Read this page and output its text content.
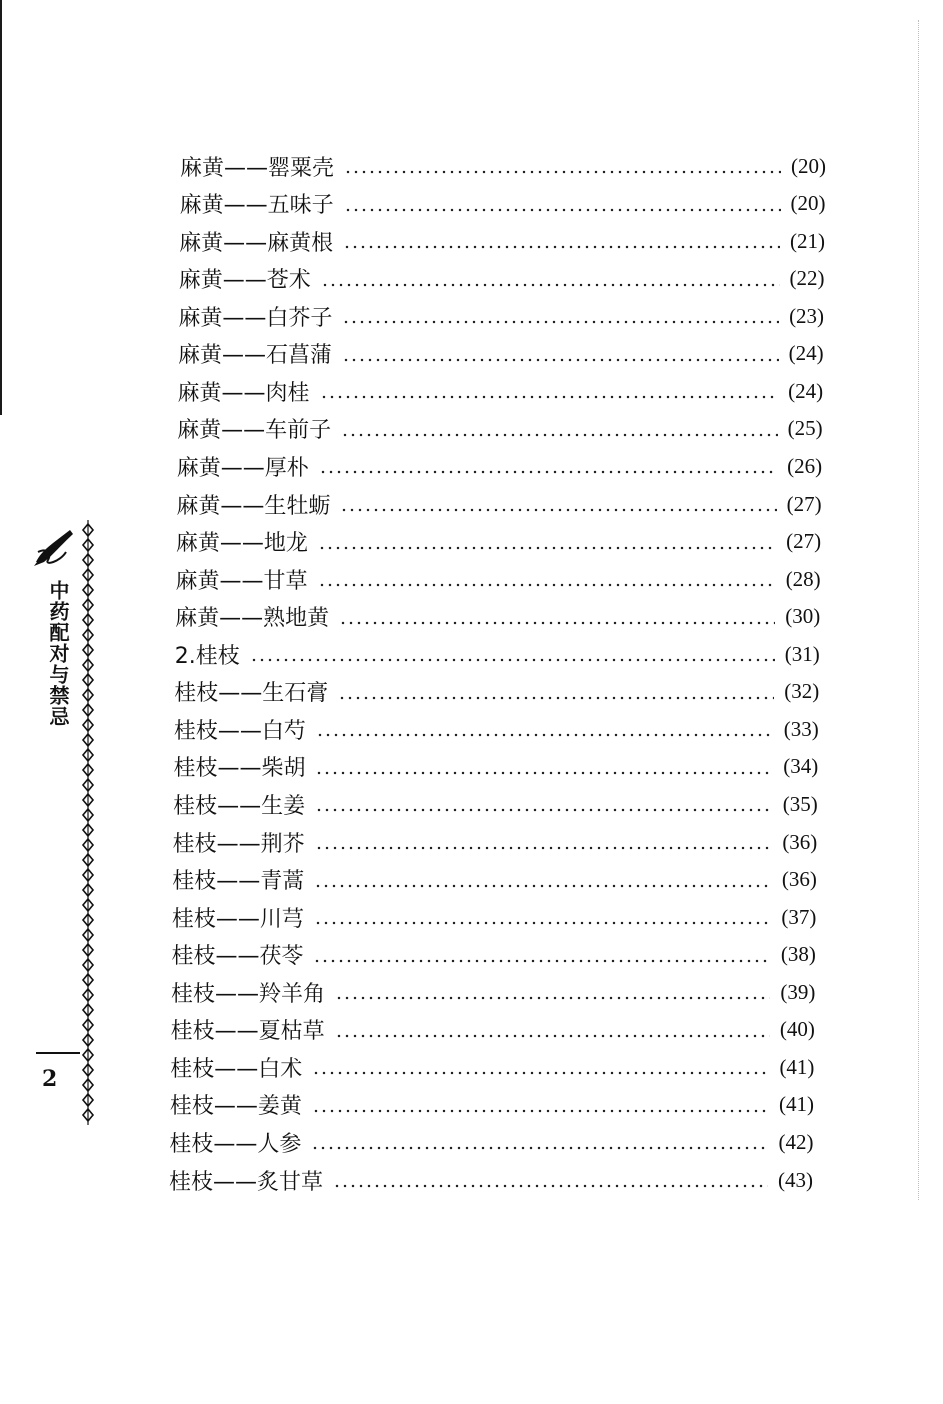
中药配对与禁忌
2
麻黄——罂粟壳	(20)
麻黄——五味子	(20)
麻黄——麻黄根	(21)
麻黄——苍术	(22)
麻黄——白芥子	(23)
麻黄——石菖蒲	(24)
麻黄——肉桂	(24)
麻黄——车前子	(25)
麻黄——厚朴	(26)
麻黄——生牡蛎	(27)
麻黄——地龙	(27)
麻黄——甘草	(28)
麻黄——熟地黄	(30)
2.桂枝	(31)
桂枝——生石膏	(32)
桂枝——白芍	(33)
桂枝——柴胡	(34)
桂枝——生姜	(35)
桂枝——荆芥	(36)
桂枝——青蒿	(36)
桂枝——川芎	(37)
桂枝——茯苓	(38)
桂枝——羚羊角	(39)
桂枝——夏枯草	(40)
桂枝——白术	(41)
桂枝——姜黄	(41)
桂枝——人参	(42)
桂枝——炙甘草	(43)
